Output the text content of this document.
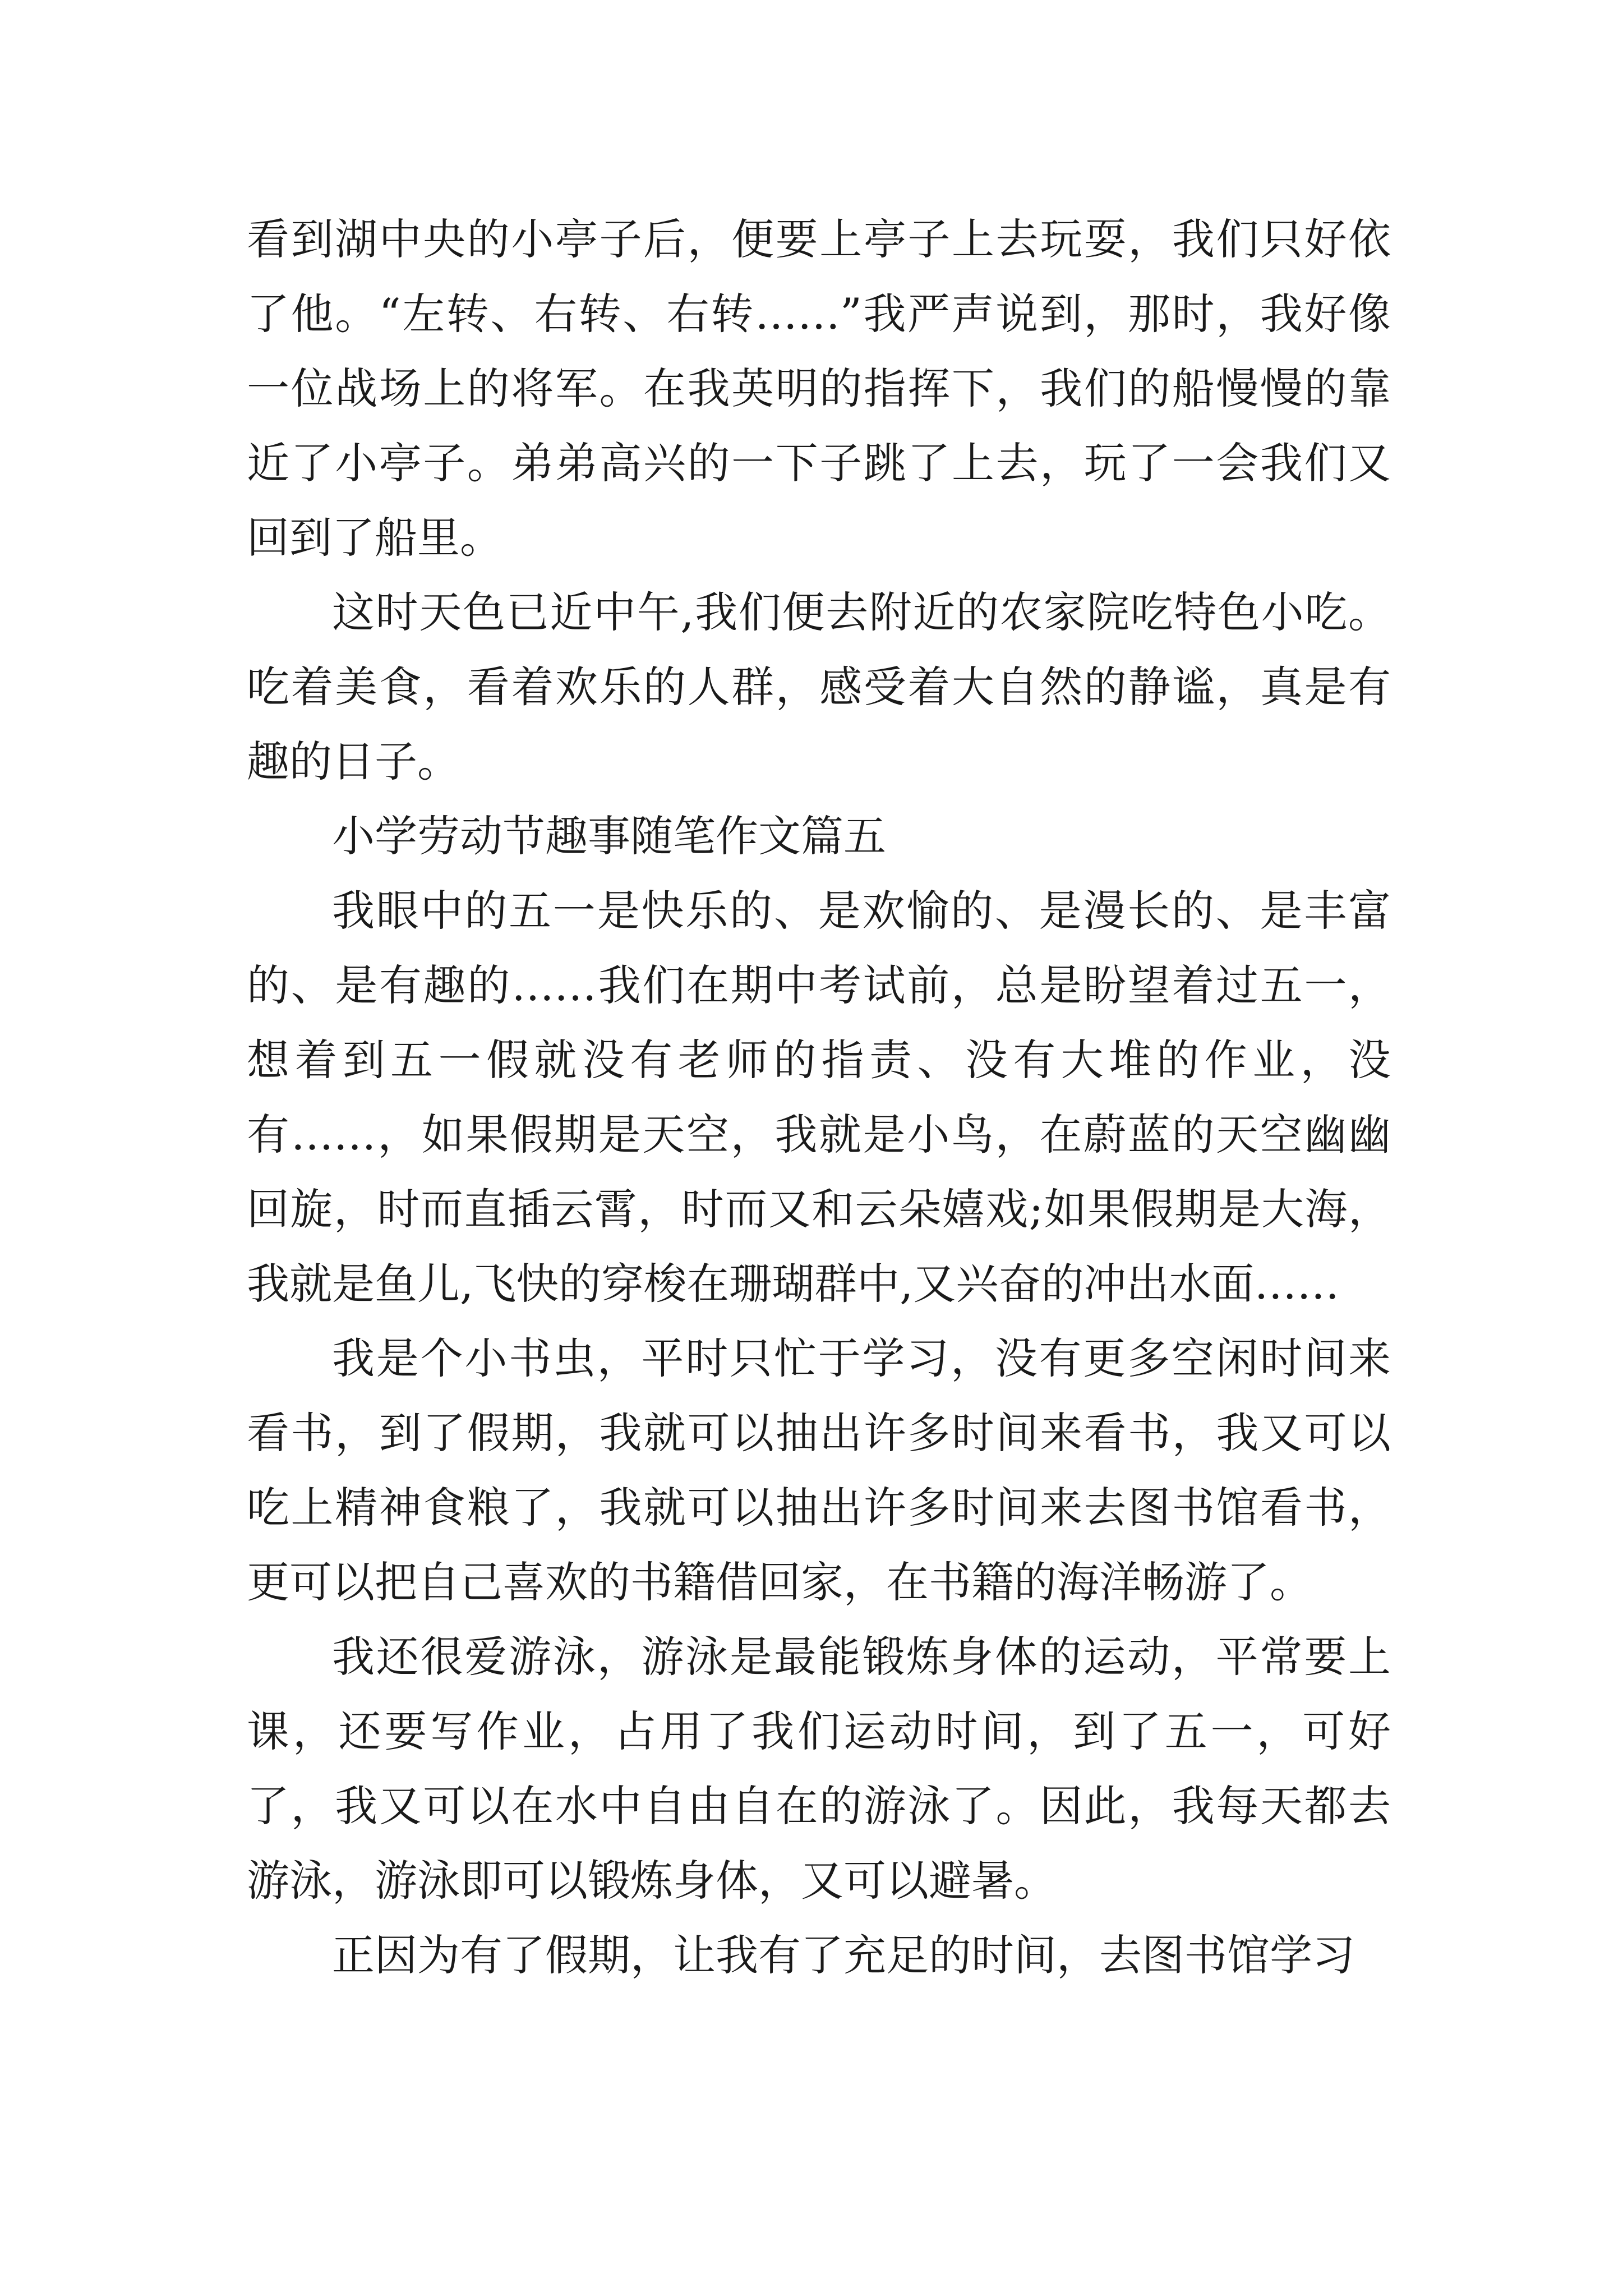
看到湖中央的小亭子后，便要上亭子上去玩耍，我们只好依了他。“左转、右转、右转……”我严声说到，那时，我好像一位战场上的将军。在我英明的指挥下，我们的船慢慢的靠近了小亭子。弟弟高兴的一下子跳了上去，玩了一会我们又回到了船里。

这时天色已近中午,我们便去附近的农家院吃特色小吃。吃着美食，看着欢乐的人群，感受着大自然的静谧，真是有趣的日子。

小学劳动节趣事随笔作文篇五

我眼中的五一是快乐的、是欢愉的、是漫长的、是丰富的、是有趣的……我们在期中考试前，总是盼望着过五一，想着到五一假就没有老师的指责、没有大堆的作业，没有……，如果假期是天空，我就是小鸟，在蔚蓝的天空幽幽回旋，时而直插云霄，时而又和云朵嬉戏;如果假期是大海，我就是鱼儿,飞快的穿梭在珊瑚群中,又兴奋的冲出水面……

我是个小书虫，平时只忙于学习，没有更多空闲时间来看书，到了假期，我就可以抽出许多时间来看书，我又可以吃上精神食粮了，我就可以抽出许多时间来去图书馆看书，更可以把自己喜欢的书籍借回家，在书籍的海洋畅游了。

我还很爱游泳，游泳是最能锻炼身体的运动，平常要上课，还要写作业，占用了我们运动时间，到了五一，可好了，我又可以在水中自由自在的游泳了。因此，我每天都去游泳，游泳即可以锻炼身体，又可以避暑。

正因为有了假期，让我有了充足的时间，去图书馆学习
